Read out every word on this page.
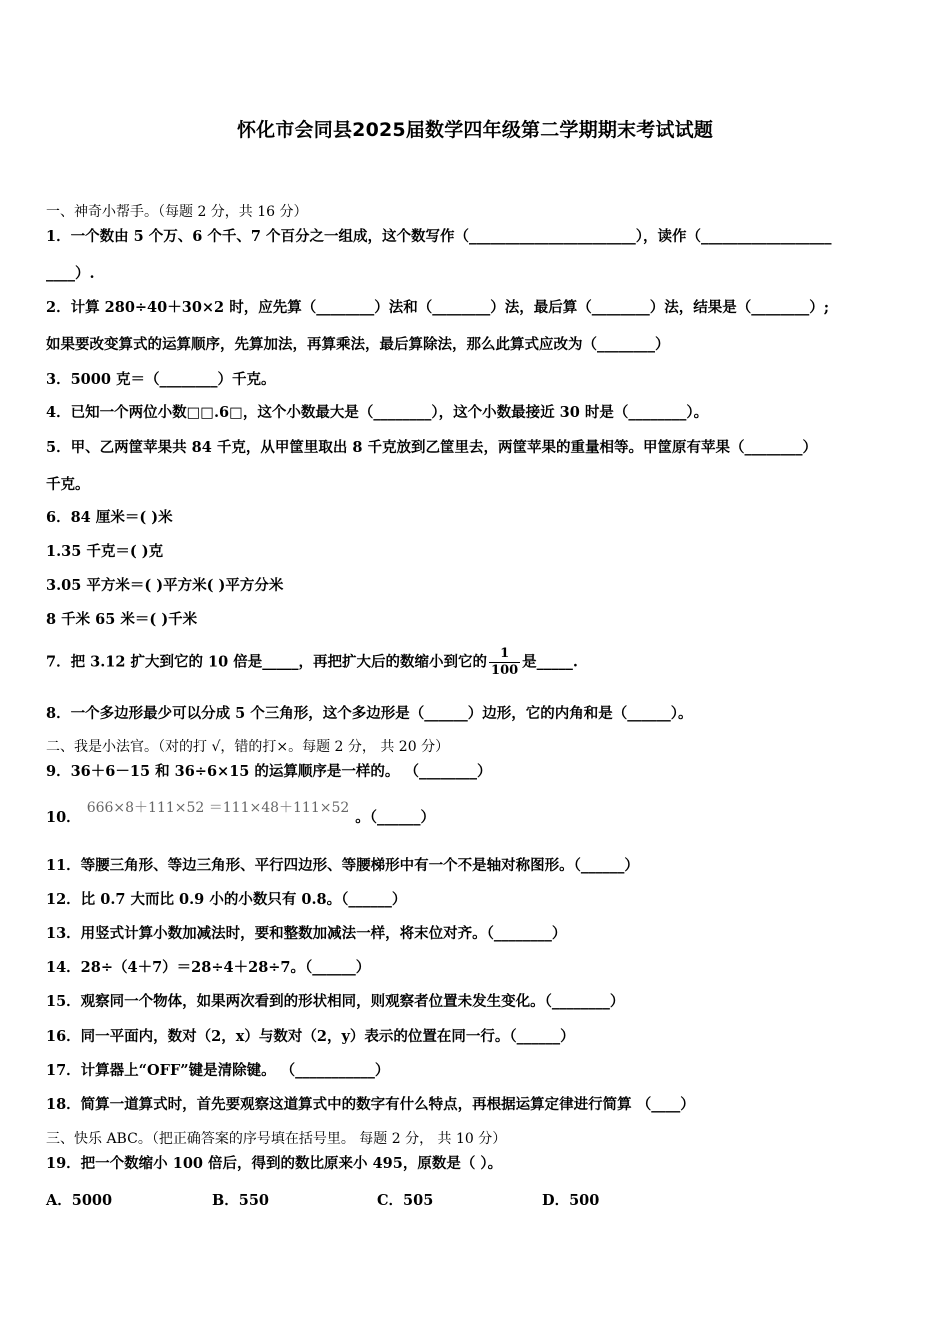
怀化市会同县2025届数学四年级第二学期期末考试试题
一、神奇小帮手。（每题 2 分，共 16 分）
1．一个数由 5 个万、6 个千、7 个百分之一组成，这个数写作（_______________________），读作（__________________
____）.
2．计算 280÷40＋30×2 时，应先算（________）法和（________）法，最后算（________）法，结果是（________）;
如果要改变算式的运算顺序，先算加法，再算乘法，最后算除法，那么此算式应改为（________）
3．5000 克＝（________）千克。
4．已知一个两位小数□□.6□，这个小数最大是（________），这个小数最接近 30 时是（________）。
5．甲、乙两筐苹果共 84 千克，从甲筐里取出 8 千克放到乙筐里去，两筐苹果的重量相等。甲筐原有苹果（________）
千克。
6．84 厘米＝( )米
1.35 千克＝( )克
3.05 平方米＝( )平方米( )平方分米
8 千米 65 米＝( )千米
7．把 3.12 扩大到它的 10 倍是_____，再把扩大后的数缩小到它的 $\frac{1}{100}$ 是_____.
8．一个多边形最少可以分成 5 个三角形，这个多边形是（______）边形，它的内角和是（______）。
二、我是小法官。（对的打 √，错的打×。每题 2 分， 共 20 分）
9．36＋6－15 和 36÷6×15 的运算顺序是一样的。 （________）
10．666×8＋111×52 ＝111×48＋111×52。（______）
11．等腰三角形、等边三角形、平行四边形、等腰梯形中有一个不是轴对称图形。（______）
12．比 0.7 大而比 0.9 小的小数只有 0.8。（______）
13．用竖式计算小数加减法时，要和整数加减法一样，将末位对齐。（________）
14．28÷（4＋7）＝28÷4＋28÷7。（______）
15．观察同一个物体，如果两次看到的形状相同，则观察者位置未发生变化。（________）
16．同一平面内，数对（2，x）与数对（2，y）表示的位置在同一行。（______）
17．计算器上“OFF”键是清除键。 （___________）
18．简算一道算式时，首先要观察这道算式中的数字有什么特点，再根据运算定律进行简算 （____）
三、快乐 ABC。（把正确答案的序号填在括号里。 每题 2 分， 共 10 分）
19．把一个数缩小 100 倍后，得到的数比原来小 495，原数是（ ）。
A．5000	B．550	C．505	D．500
